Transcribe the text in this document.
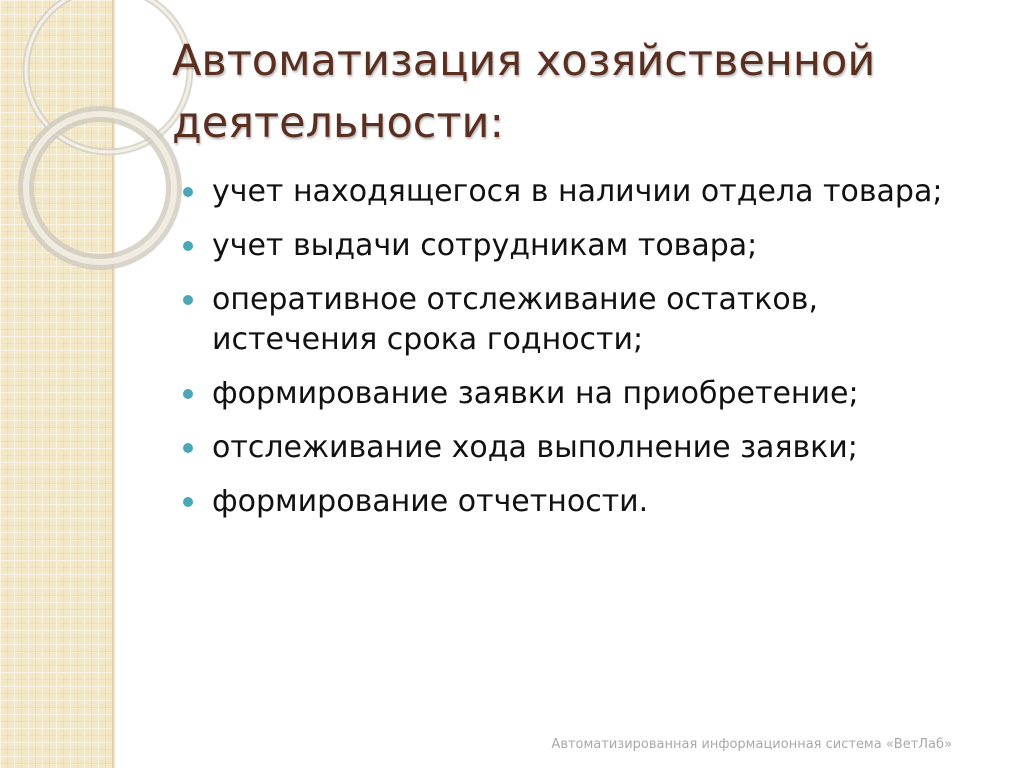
Автоматизация хозяйственной деятельности:
учет находящегося в наличии отдела товара;
учет выдачи сотрудникам товара;
оперативное отслеживание остатков, истечения срока годности;
формирование заявки на приобретение;
отслеживание хода выполнение заявки;
формирование отчетности.
Автоматизированная информационная система «ВетЛаб»
